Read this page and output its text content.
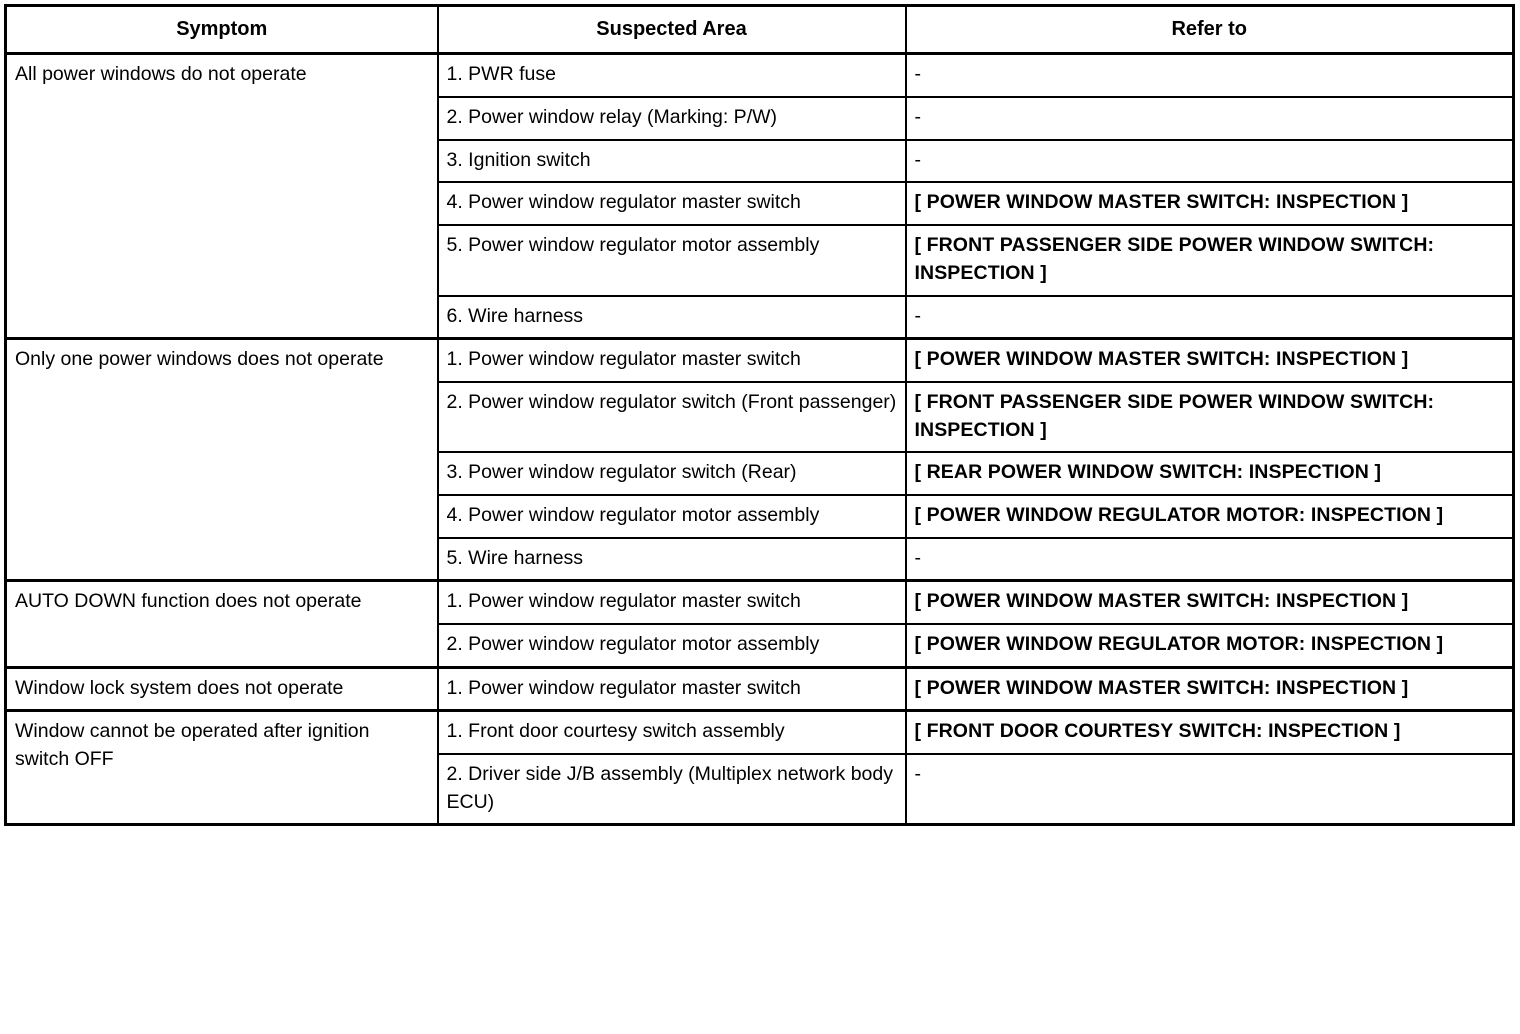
Symptom	Suspected Area	Refer to
All power windows do not operate	1. PWR fuse	-
	2. Power window relay (Marking: P/W)	-
	3. Ignition switch	-
	4. Power window regulator master switch	[ POWER WINDOW MASTER SWITCH: INSPECTION ]
	5. Power window regulator motor assembly	[ FRONT PASSENGER SIDE POWER WINDOW SWITCH: INSPECTION ]
	6. Wire harness	-
Only one power windows does not operate	1. Power window regulator master switch	[ POWER WINDOW MASTER SWITCH: INSPECTION ]
	2. Power window regulator switch (Front passenger)	[ FRONT PASSENGER SIDE POWER WINDOW SWITCH: INSPECTION ]
	3. Power window regulator switch (Rear)	[ REAR POWER WINDOW SWITCH: INSPECTION ]
	4. Power window regulator motor assembly	[ POWER WINDOW REGULATOR MOTOR: INSPECTION ]
	5. Wire harness	-
AUTO DOWN function does not operate	1. Power window regulator master switch	[ POWER WINDOW MASTER SWITCH: INSPECTION ]
	2. Power window regulator motor assembly	[ POWER WINDOW REGULATOR MOTOR: INSPECTION ]
Window lock system does not operate	1. Power window regulator master switch	[ POWER WINDOW MASTER SWITCH: INSPECTION ]
Window cannot be operated after ignition switch OFF	1. Front door courtesy switch assembly	[ FRONT DOOR COURTESY SWITCH: INSPECTION ]
	2. Driver side J/B assembly (Multiplex network body ECU)	-
